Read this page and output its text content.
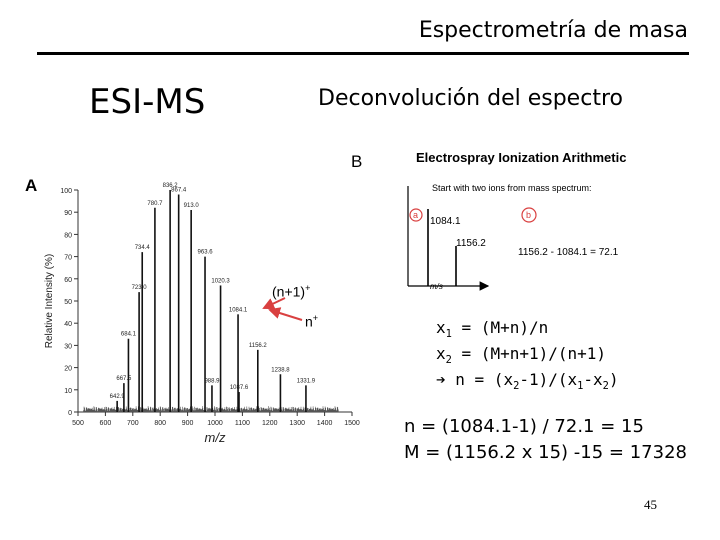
Espectrometría de masa
ESI-MS	Deconvolución del espectro
A
B
0
10
20
30
40
50
60
70
80
90
100
500 600 700 800 900 1000 1100 1200 1300 1400 1500
642.9
667.5
684.1
723.0
734.4
780.7
836.2
867.4
913.0
963.6
988.9
1020.3
1084.1
1087.6
1156.2
1238.8
1331.9
Relative Intensity (%)
m/z
(n+1)+
n+
Electrospray Ionization Arithmetic
Start with two ions from mass spectrum:
m/s
1084.1
1156.2
a	b
1156.2 - 1084.1 = 72.1
$x_1 = (M+n)/n$
$x_2 = (M+n+1)/(n+1)$
➔ $n = (x_2-1)/(x_1-x_2)$
n = (1084.1-1) / 72.1 = 15
M = (1156.2 x 15) -15 = 17328
45
